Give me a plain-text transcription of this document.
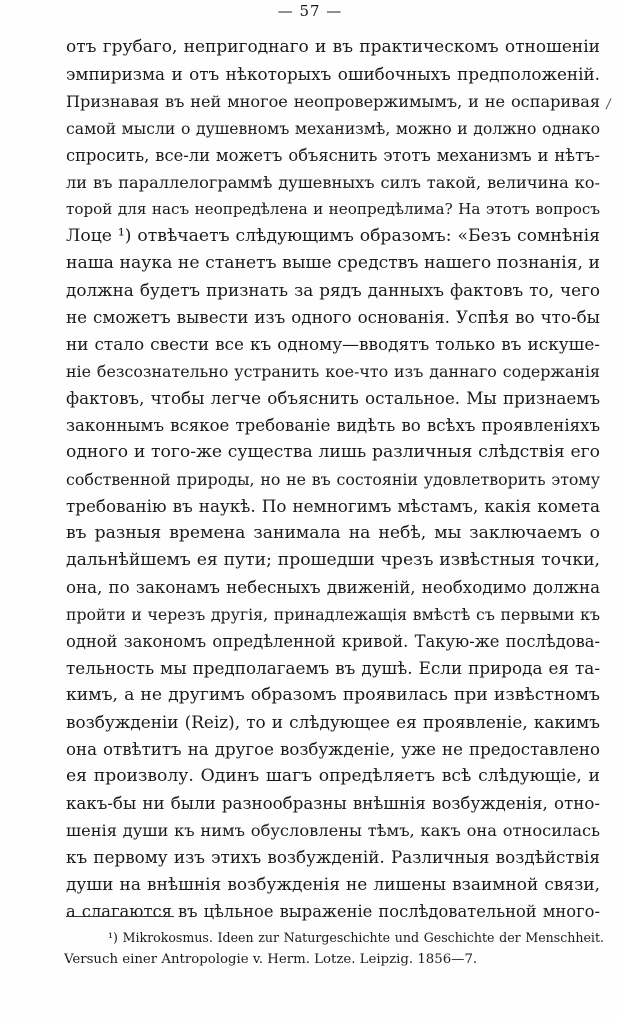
— 57 —
отъ грубаго, непригоднаго и въ практическомъ отношеніи
эмпиризма и отъ нѣкоторыхъ ошибочныхъ предположеній.
Признавая въ ней многое неопровержимымъ, и не оспаривая
самой мысли о душевномъ механизмѣ, можно и должно однако
спросить, все-ли можетъ объяснить этотъ механизмъ и нѣтъ-
ли въ параллелограммѣ душевныхъ силъ такой, величина ко-
торой для насъ неопредѣлена и неопредѣлима? На этотъ вопросъ
Лоце ¹) отвѣчаетъ слѣдующимъ образомъ: «Безъ сомнѣнія
наша наука не станетъ выше средствъ нашего познанія, и
должна будетъ признать за рядъ данныхъ фактовъ то, чего
не сможетъ вывести изъ одного основанія. Успѣя во что-бы
ни стало свести все къ одному—вводятъ только въ искуше-
ніе безсознательно устранить кое-что изъ даннаго содержанія
фактовъ, чтобы легче объяснить остальное. Мы признаемъ
законнымъ всякое требованіе видѣть во всѣхъ проявленіяхъ
одного и того-же существа лишь различныя слѣдствія его
собственной природы, но не въ состояніи удовлетворить этому
требованію въ наукѣ. По немногимъ мѣстамъ, какія комета
въ разныя времена занимала на небѣ, мы заключаемъ о
дальнѣйшемъ ея пути; прошедши чрезъ извѣстныя точки,
она, по законамъ небесныхъ движеній, необходимо должна
пройти и черезъ другія, принадлежащія вмѣстѣ съ первыми къ
одной закономъ опредѣленной кривой. Такую-же послѣдова-
тельность мы предполагаемъ въ душѣ. Если природа ея та-
кимъ, а не другимъ образомъ проявилась при извѣстномъ
возбужденіи (Reiz), то и слѣдующее ея проявленіе, какимъ
она отвѣтитъ на другое возбужденіе, уже не предоставлено
ея произволу. Одинъ шагъ опредѣляетъ всѣ слѣдующіе, и
какъ-бы ни были разнообразны внѣшнія возбужденія, отно-
шенія души къ нимъ обусловлены тѣмъ, какъ она относилась
къ первому изъ этихъ возбужденій. Различныя воздѣйствія
души на внѣшнія возбужденія не лишены взаимной связи,
а слагаются въ цѣльное выраженіе послѣдовательной много-
¹) Mikrokosmus. Ideen zur Naturgeschichte und Geschichte der Menschheit.
Versuch einer Antropologie v. Herm. Lotze. Leipzig. 1856—7.
